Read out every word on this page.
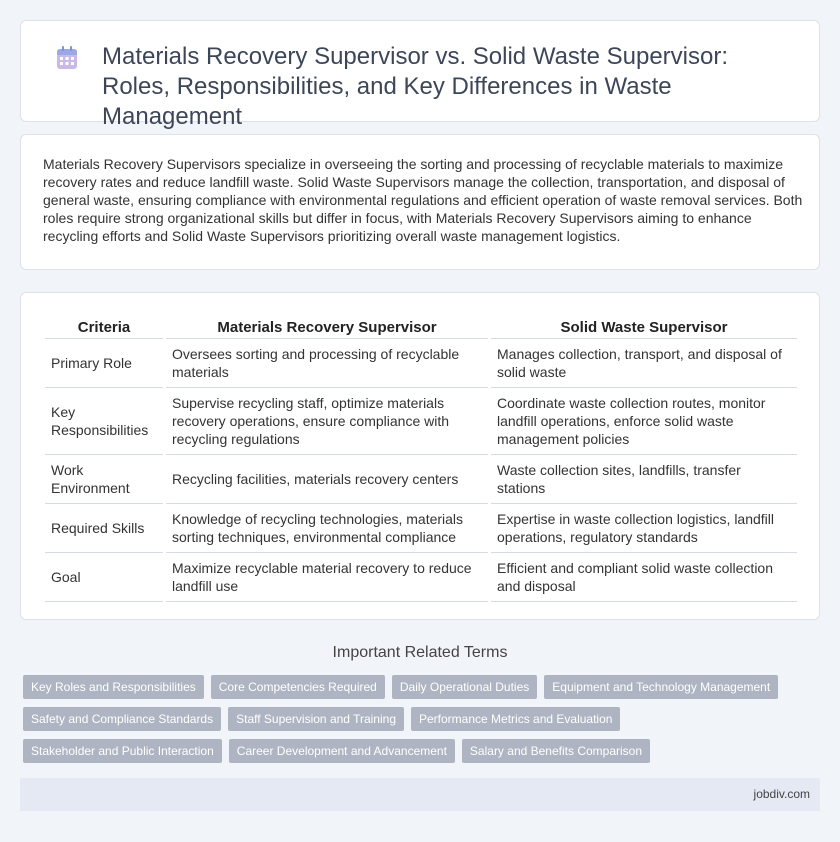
Materials Recovery Supervisor vs. Solid Waste Supervisor: Roles, Responsibilities, and Key Differences in Waste Management

Materials Recovery Supervisors specialize in overseeing the sorting and processing of recyclable materials to maximize recovery rates and reduce landfill waste. Solid Waste Supervisors manage the collection, transportation, and disposal of general waste, ensuring compliance with environmental regulations and efficient operation of waste removal services. Both roles require strong organizational skills but differ in focus, with Materials Recovery Supervisors aiming to enhance recycling efforts and Solid Waste Supervisors prioritizing overall waste management logistics.

Criteria	Materials Recovery Supervisor	Solid Waste Supervisor
Primary Role	Oversees sorting and processing of recyclable materials	Manages collection, transport, and disposal of solid waste
Key Responsibilities	Supervise recycling staff, optimize materials recovery operations, ensure compliance with recycling regulations	Coordinate waste collection routes, monitor landfill operations, enforce solid waste management policies
Work Environment	Recycling facilities, materials recovery centers	Waste collection sites, landfills, transfer stations
Required Skills	Knowledge of recycling technologies, materials sorting techniques, environmental compliance	Expertise in waste collection logistics, landfill operations, regulatory standards
Goal	Maximize recyclable material recovery to reduce landfill use	Efficient and compliant solid waste collection and disposal
Important Related Terms
Key Roles and Responsibilities	Core Competencies Required	Daily Operational Duties	Equipment and Technology Management
Safety and Compliance Standards	Staff Supervision and Training	Performance Metrics and Evaluation
Stakeholder and Public Interaction	Career Development and Advancement	Salary and Benefits Comparison
jobdiv.com
